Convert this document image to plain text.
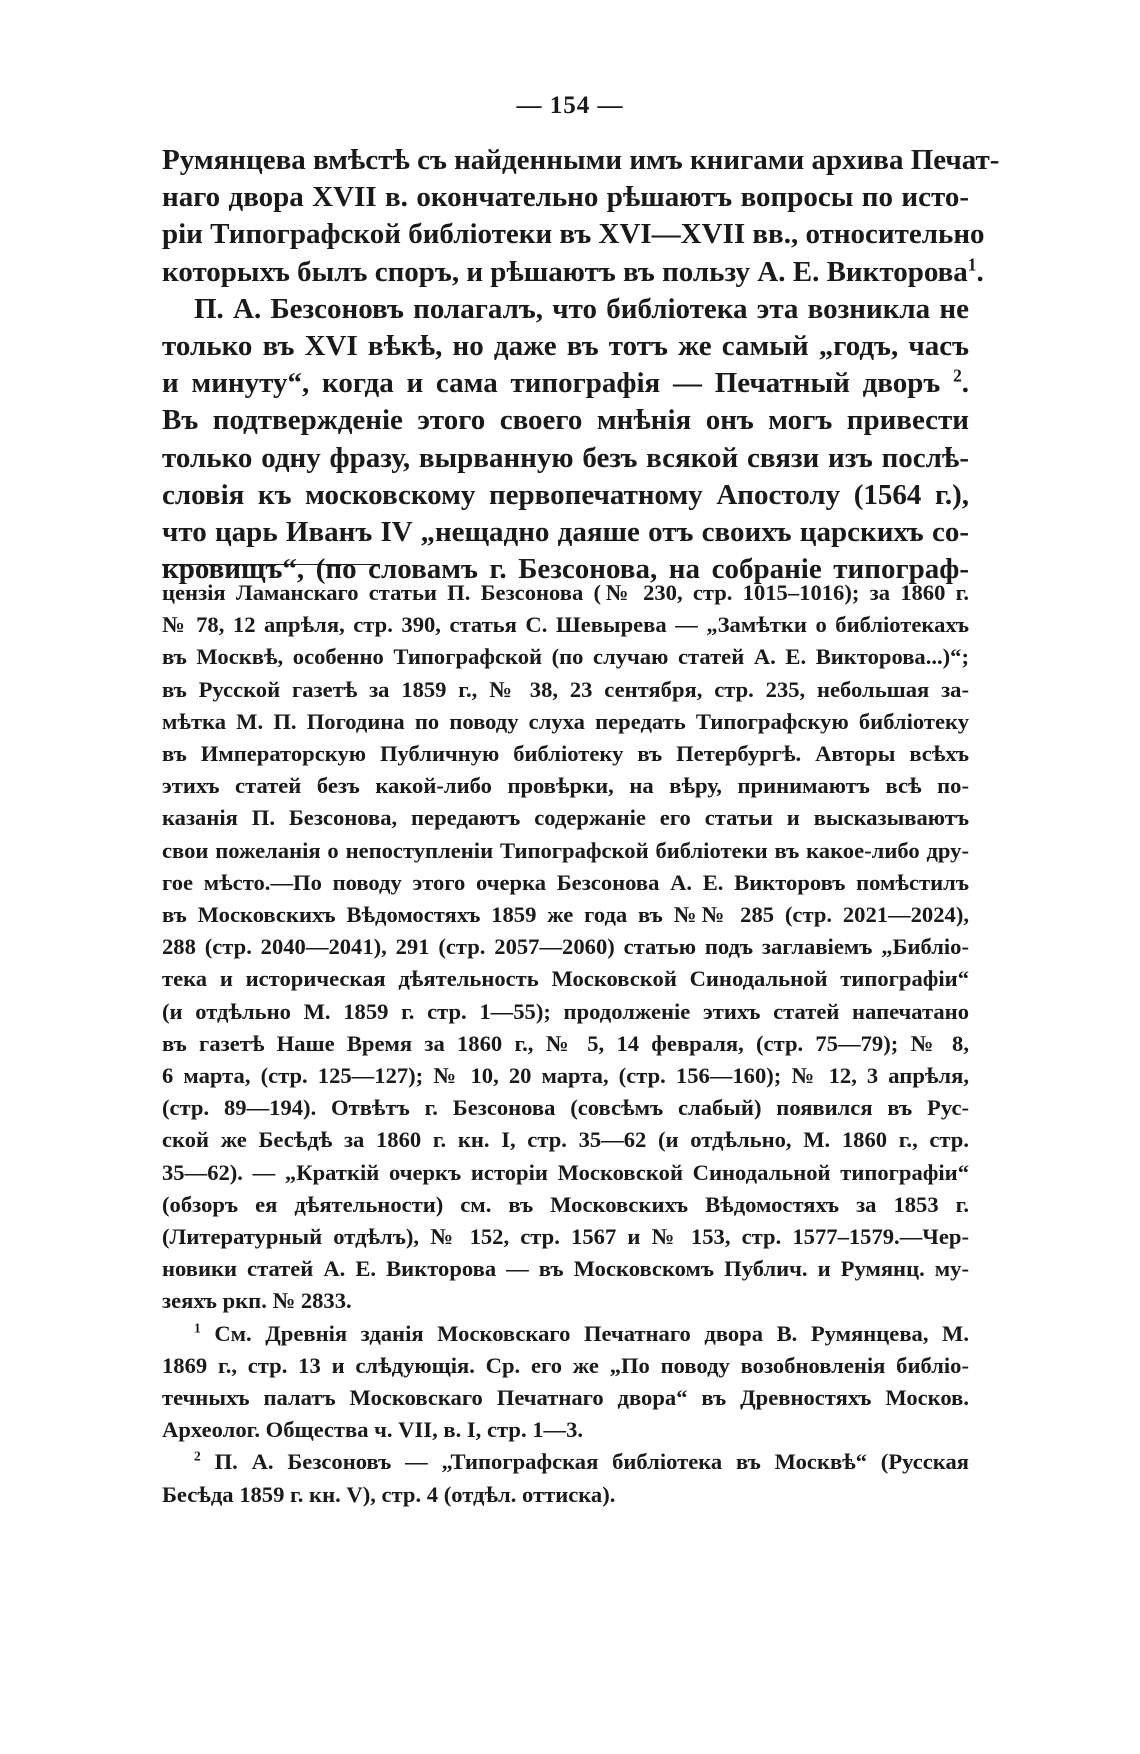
— 154 —
Румянцева вмѣстѣ съ найденными имъ книгами архива Печат-
наго двора XVII в. окончательно рѣшаютъ вопросы по исто-
ріи Типографской библіотеки въ XVI—XVII вв., относительно
которыхъ былъ споръ, и рѣшаютъ въ пользу А. Е. Викторова$^1$.
П. А. Безсоновъ полагалъ, что библіотека эта возникла не
только въ XVI вѣкѣ, но даже въ тотъ же самый „годъ, часъ
и минуту“, когда и сама типографія — Печатный дворъ $^2$.
Въ подтвержденіе этого своего мнѣнія онъ могъ привести
только одну фразу, вырванную безъ всякой связи изъ послѣ-
словія къ московскому первопечатному Апостолу (1564 г.),
что царь Иванъ IV „нещадно даяше отъ своихъ царскихъ со-
кровищъ“, (по словамъ г. Безсонова, на собраніе типограф-
цензія Ламанскаго статьи П. Безсонова (№ 230, стр. 1015–1016); за 1860 г.
№ 78, 12 апрѣля, стр. 390, статья С. Шевырева — „Замѣтки о библіотекахъ
въ Москвѣ, особенно Типографской (по случаю статей А. Е. Викторова...)“;
въ Русской газетѣ за 1859 г., № 38, 23 сентября, стр. 235, небольшая за-
мѣтка М. П. Погодина по поводу слуха передать Типографскую библіотеку
въ Императорскую Публичную библіотеку въ Петербургѣ. Авторы всѣхъ
этихъ статей безъ какой-либо провѣрки, на вѣру, принимаютъ всѣ по-
казанія П. Безсонова, передаютъ содержаніе его статьи и высказываютъ
свои пожеланія о непоступленіи Типографской библіотеки въ какое-либо дру-
гое мѣсто.—По поводу этого очерка Безсонова А. Е. Викторовъ помѣстилъ
въ Московскихъ Вѣдомостяхъ 1859 же года въ №№ 285 (стр. 2021—2024),
288 (стр. 2040—2041), 291 (стр. 2057—2060) статью подъ заглавіемъ „Библіо-
тека и историческая дѣятельность Московской Синодальной типографіи“
(и отдѣльно М. 1859 г. стр. 1—55); продолженіе этихъ статей напечатано
въ газетѣ Наше Время за 1860 г., № 5, 14 февраля, (стр. 75—79); № 8,
6 марта, (стр. 125—127); № 10, 20 марта, (стр. 156—160); № 12, 3 апрѣля,
(стр. 89—194). Отвѣтъ г. Безсонова (совсѣмъ слабый) появился въ Рус-
ской же Бесѣдѣ за 1860 г. кн. I, стр. 35—62 (и отдѣльно, М. 1860 г., стр.
35—62). — „Краткій очеркъ исторіи Московской Синодальной типографіи“
(обзоръ ея дѣятельности) см. въ Московскихъ Вѣдомостяхъ за 1853 г.
(Литературный отдѣлъ), № 152, стр. 1567 и № 153, стр. 1577–1579.—Чер-
новики статей А. Е. Викторова — въ Московскомъ Публич. и Румянц. му-
зеяхъ ркп. № 2833.
$^1$ См. Древнія зданія Московскаго Печатнаго двора В. Румянцева, М.
1869 г., стр. 13 и слѣдующія. Ср. его же „По поводу возобновленія библіо-
течныхъ палатъ Московскаго Печатнаго двора“ въ Древностяхъ Москов.
Археолог. Общества ч. VII, в. I, стр. 1—3.
$^2$ П. А. Безсоновъ — „Типографская библіотека въ Москвѣ“ (Русская
Бесѣда 1859 г. кн. V), стр. 4 (отдѣл. оттиска).
